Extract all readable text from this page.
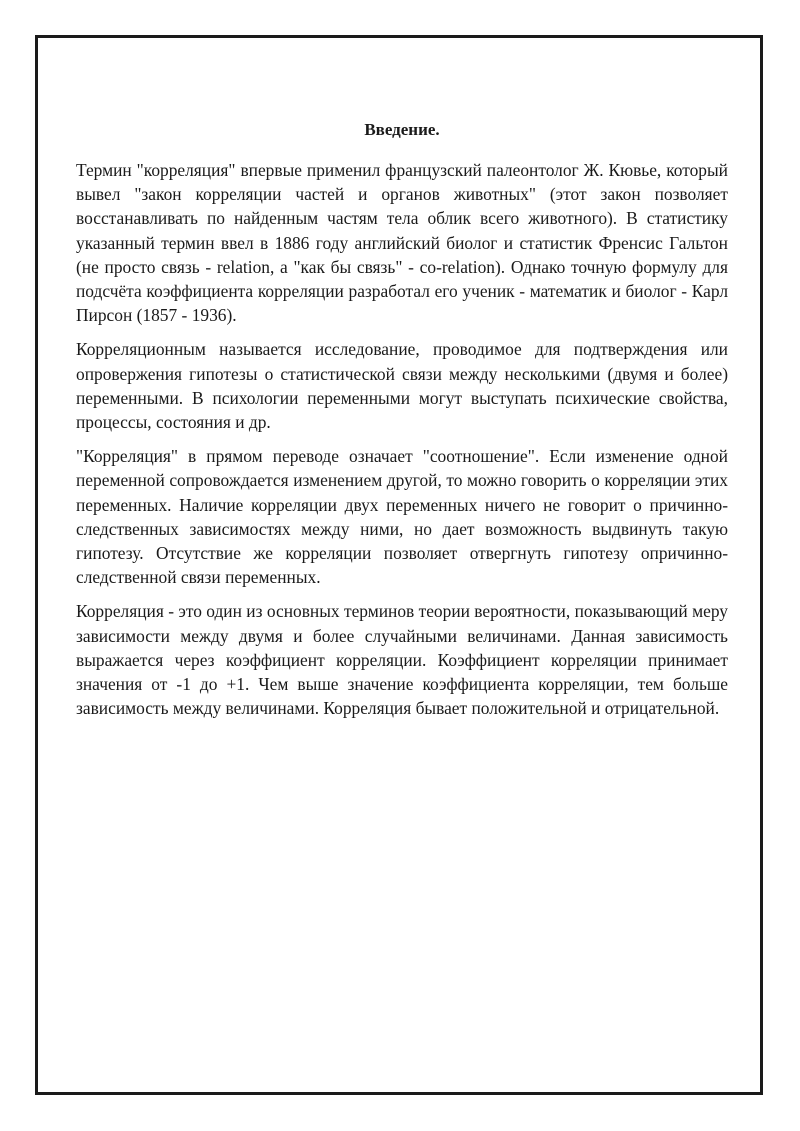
Введение.

Термин "корреляция" впервые применил французский палеонтолог Ж. Кювье, который вывел "закон корреляции частей и органов животных" (этот закон позволяет восстанавливать по найденным частям тела облик всего животного). В статистику указанный термин ввел в 1886 году английский биолог и статистик Френсис Гальтон (не просто связь - relation, а "как бы связь" - co-relation). Однако точную формулу для подсчёта коэффициента корреляции разработал его ученик - математик и биолог - Карл Пирсон (1857 - 1936).

Корреляционным называется исследование, проводимое для подтверждения или опровержения гипотезы о статистической связи между несколькими (двумя и более) переменными. В психологии переменными могут выступать психические свойства, процессы, состояния и др.

"Корреляция" в прямом переводе означает "соотношение". Если изменение одной переменной сопровождается изменением другой, то можно говорить о корреляции этих переменных. Наличие корреляции двух переменных ничего не говорит о причинно-следственных зависимостях между ними, но дает возможность выдвинуть такую гипотезу. Отсутствие же корреляции позволяет отвергнуть гипотезу опричинно-следственной связи переменных.

Корреляция - это один из основных терминов теории вероятности, показывающий меру зависимости между двумя и более случайными величинами. Данная зависимость выражается через коэффициент корреляции. Коэффициент корреляции принимает значения от -1 до +1. Чем выше значение коэффициента корреляции, тем больше зависимость между величинами. Корреляция бывает положительной и отрицательной.
